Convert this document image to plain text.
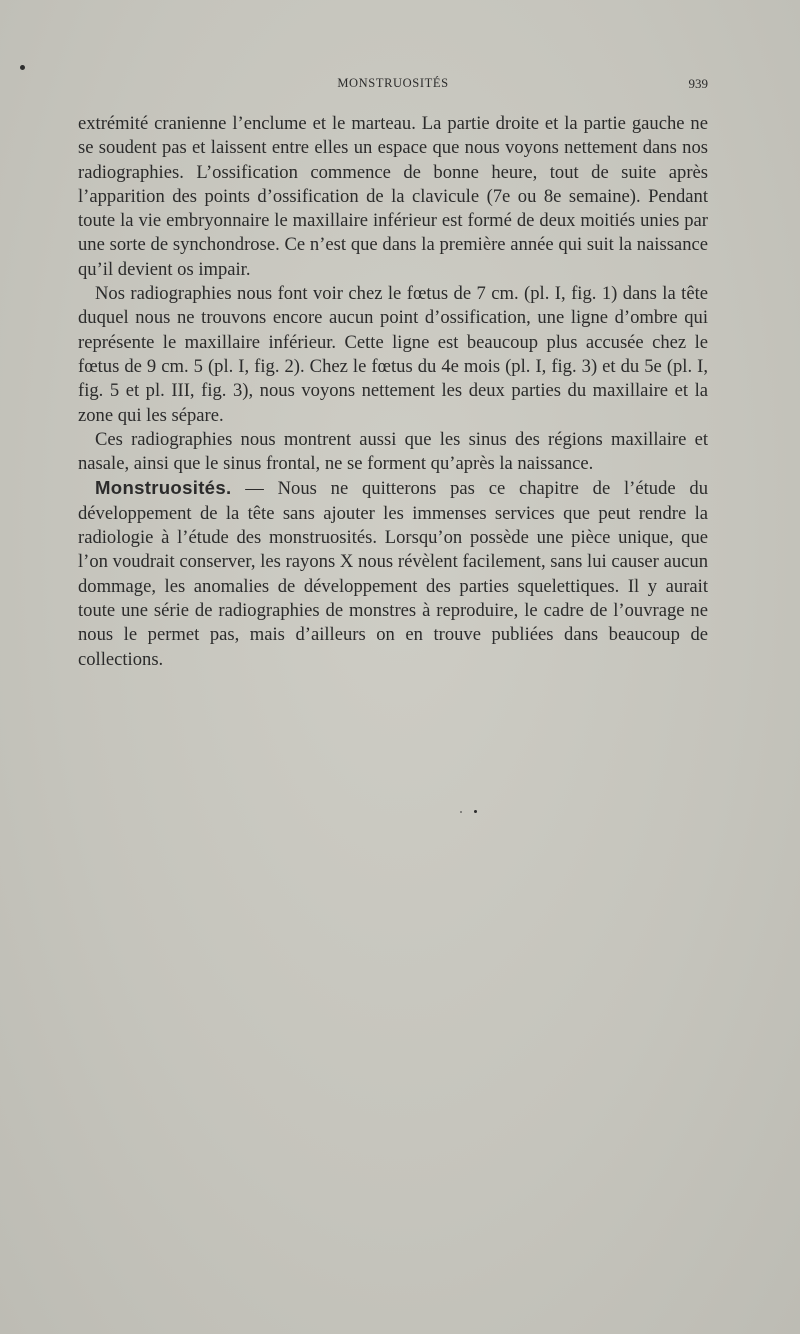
MONSTRUOSITÉS	939

extrémité cranienne l’enclume et le marteau. La partie droite et la partie gauche ne se soudent pas et laissent entre elles un espace que nous voyons nettement dans nos radiographies. L’ossification commence de bonne heure, tout de suite après l’apparition des points d’ossification de la clavicule (7e ou 8e semaine). Pendant toute la vie embryonnaire le maxillaire inférieur est formé de deux moitiés unies par une sorte de synchondrose. Ce n’est que dans la première année qui suit la naissance qu’il devient os impair.

Nos radiographies nous font voir chez le fœtus de 7 cm. (pl. I, fig. 1) dans la tête duquel nous ne trouvons encore aucun point d’ossification, une ligne d’ombre qui représente le maxillaire inférieur. Cette ligne est beaucoup plus accusée chez le fœtus de 9 cm. 5 (pl. I, fig. 2). Chez le fœtus du 4e mois (pl. I, fig. 3) et du 5e (pl. I, fig. 5 et pl. III, fig. 3), nous voyons nettement les deux parties du maxillaire et la zone qui les sépare.

Ces radiographies nous montrent aussi que les sinus des régions maxillaire et nasale, ainsi que le sinus frontal, ne se forment qu’après la naissance.

Monstruosités. — Nous ne quitterons pas ce chapitre de l’étude du développement de la tête sans ajouter les immenses services que peut rendre la radiologie à l’étude des monstruosités. Lorsqu’on possède une pièce unique, que l’on voudrait conserver, les rayons X nous révèlent facilement, sans lui causer aucun dommage, les anomalies de développement des parties squelettiques. Il y aurait toute une série de radiographies de monstres à reproduire, le cadre de l’ouvrage ne nous le permet pas, mais d’ailleurs on en trouve publiées dans beaucoup de collections.
